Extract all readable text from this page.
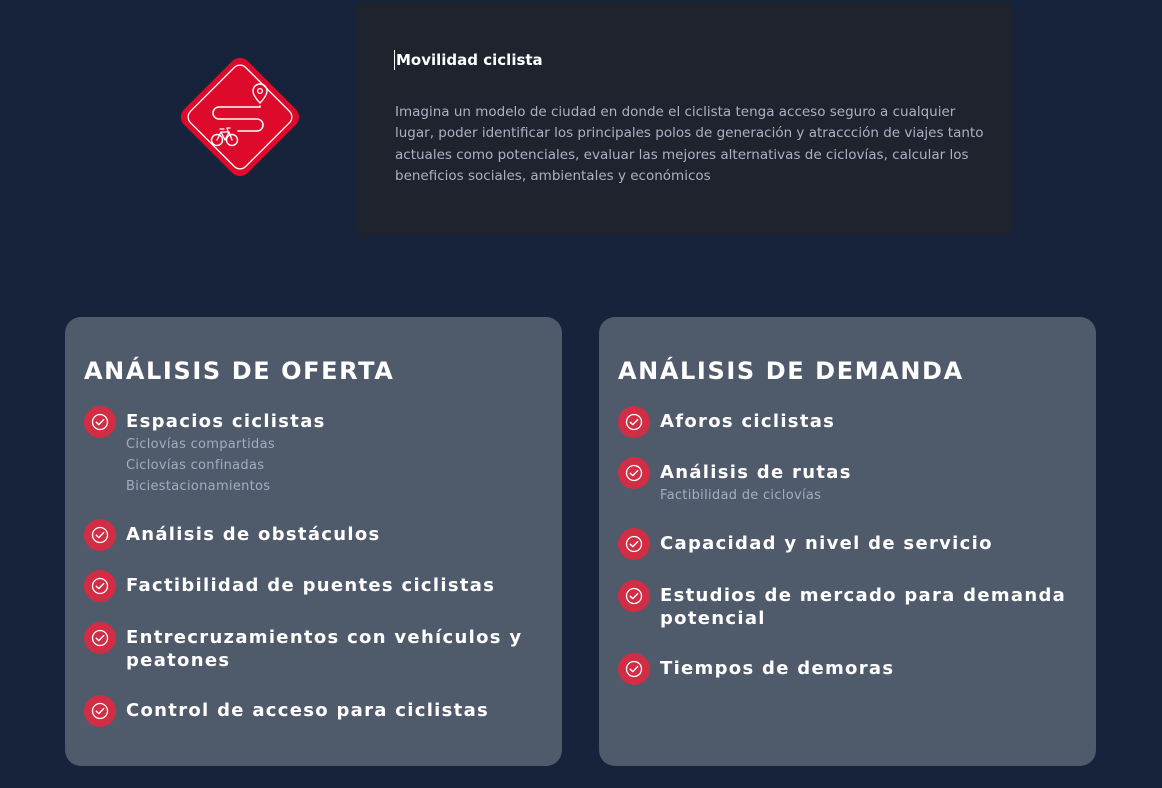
Movilidad ciclista

Imagina un modelo de ciudad en donde el ciclista tenga acceso seguro a cualquier lugar, poder identificar los principales polos de generación y atraccción de viajes tanto actuales como potenciales, evaluar las mejores alternativas de ciclovías, calcular los beneficios sociales, ambientales y económicos

ANÁLISIS DE OFERTA
Espacios ciclistas
Ciclovías compartidas
Ciclovías confinadas
Biciestacionamientos
Análisis de obstáculos
Factibilidad de puentes ciclistas
Entrecruzamientos con vehículos y peatones
Control de acceso para ciclistas
ANÁLISIS DE DEMANDA
Aforos ciclistas
Análisis de rutas
Factibilidad de ciclovías
Capacidad y nivel de servicio
Estudios de mercado para demanda potencial
Tiempos de demoras
